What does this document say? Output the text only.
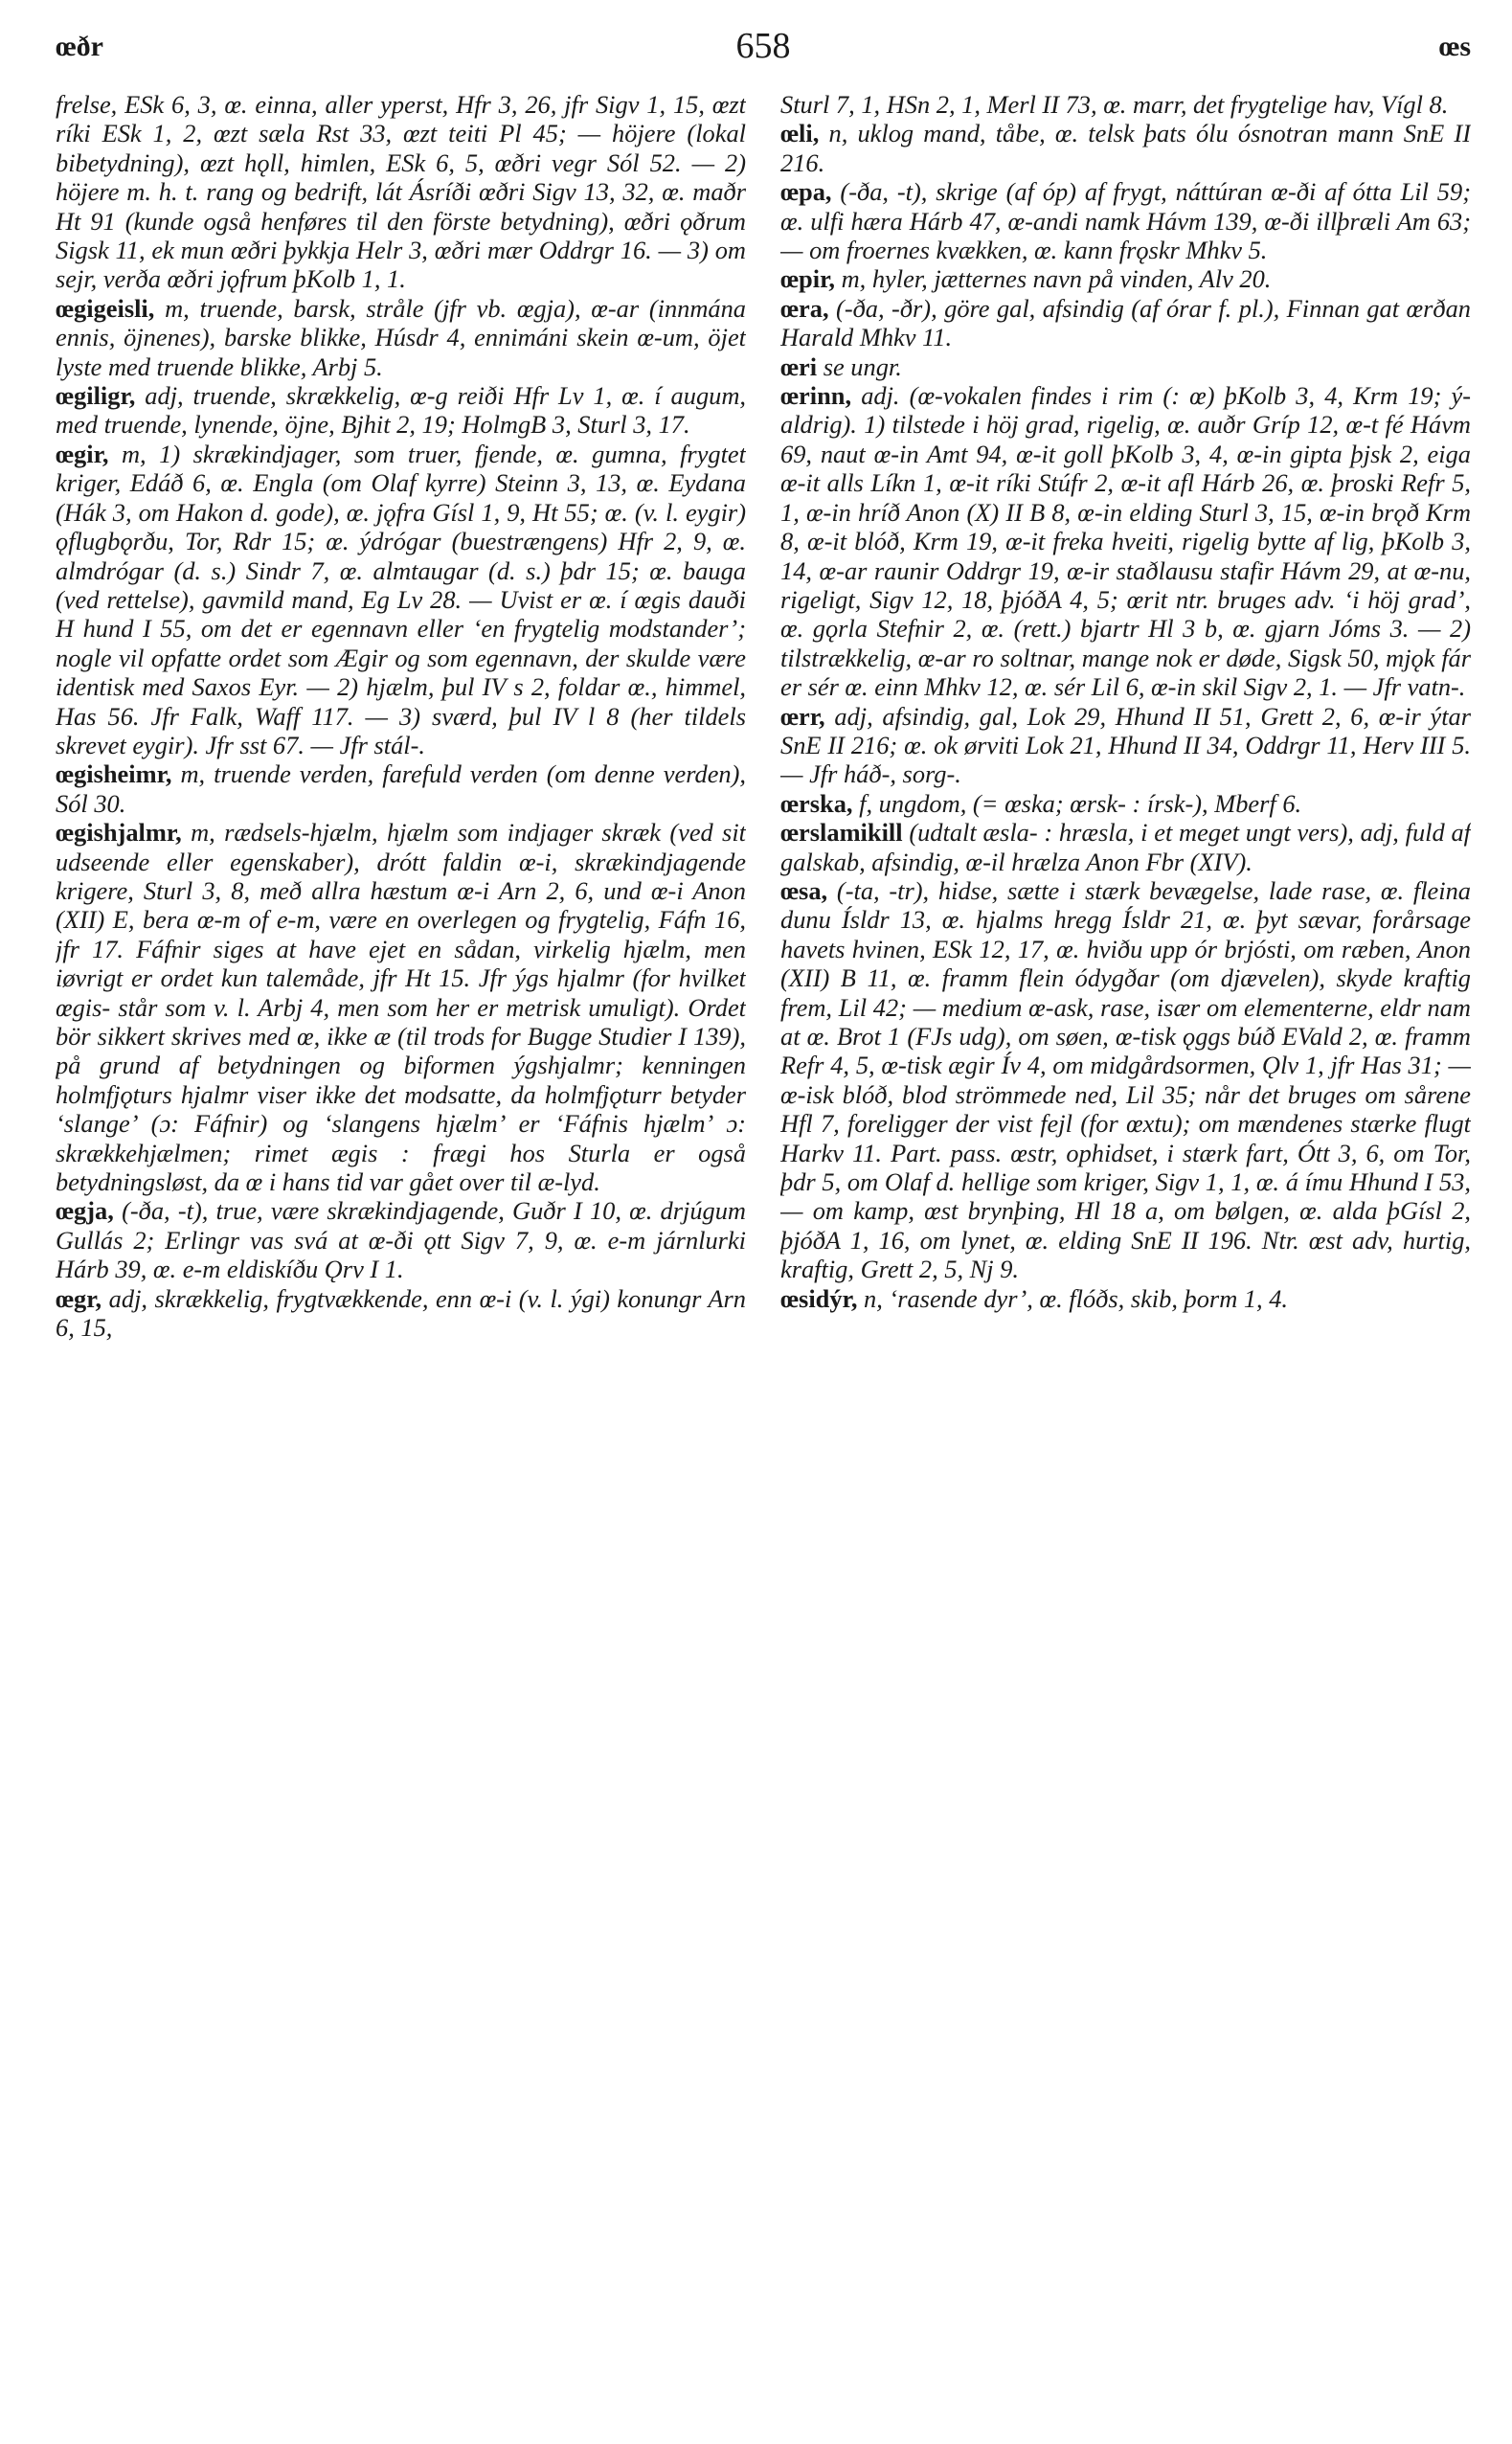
œðr	658	œs

frelse, ESk 6, 3, œ. einna, aller yperst, Hfr 3, 26, jfr Sigv 1, 15, œzt ríki ESk 1, 2, œzt sæla Rst 33, œzt teiti Pl 45; — höjere (lokal bibetydning), œzt hǫll, himlen, ESk 6, 5, œðri vegr Sól 52. — 2) höjere m. h. t. rang og bedrift, lát Ásríði œðri Sigv 13, 32, œ. maðr Ht 91 (kunde også henføres til den förste betydning), œðri ǫðrum Sigsk 11, ek mun œðri þykkja Helr 3, œðri mær Oddrgr 16. — 3) om sejr, verða œðri jǫfrum þKolb 1, 1.

œgigeisli, m, truende, barsk, stråle (jfr vb. œgja), œ-ar (innmána ennis, öjnenes), barske blikke, Húsdr 4, ennimáni skein œ-um, öjet lyste med truende blikke, Arbj 5.

œgiligr, adj, truende, skrækkelig, œ-g reiði Hfr Lv 1, œ. í augum, med truende, lynende, öjne, Bjhit 2, 19; HolmgB 3, Sturl 3, 17.

œgir, m, 1) skrækindjager, som truer, fjende, œ. gumna, frygtet kriger, Edáð 6, œ. Engla (om Olaf kyrre) Steinn 3, 13, œ. Eydana (Hák 3, om Hakon d. gode), œ. jǫfra Gísl 1, 9, Ht 55; œ. (v. l. eygir) ǫflugbǫrðu, Tor, Rdr 15; œ. ýdrógar (buestrængens) Hfr 2, 9, œ. almdrógar (d. s.) Sindr 7, œ. almtaugar (d. s.) þdr 15; œ. bauga (ved rettelse), gavmild mand, Eg Lv 28. — Uvist er œ. í œgis dauði H hund I 55, om det er egennavn eller ‘en frygtelig modstander’; nogle vil opfatte ordet som Ægir og som egennavn, der skulde være identisk med Saxos Eyr. — 2) hjælm, þul IV s 2, foldar œ., himmel, Has 56. Jfr Falk, Waff 117. — 3) sværd, þul IV l 8 (her tildels skrevet eygir). Jfr sst 67. — Jfr stál-.

œgisheimr, m, truende verden, farefuld verden (om denne verden), Sól 30.

œgishjalmr, m, rædsels-hjælm, hjælm som indjager skræk (ved sit udseende eller egenskaber), drótt faldin œ-i, skrækindjagende krigere, Sturl 3, 8, með allra hæstum œ-i Arn 2, 6, und œ-i Anon (XII) E, bera œ-m of e-m, være en overlegen og frygtelig, Fáfn 16, jfr 17. Fáfnir siges at have ejet en sådan, virkelig hjælm, men iøvrigt er ordet kun talemåde, jfr Ht 15. Jfr ýgs hjalmr (for hvilket œgis- står som v. l. Arbj 4, men som her er metrisk umuligt). Ordet bör sikkert skrives med œ, ikke æ (til trods for Bugge Studier I 139), på grund af betydningen og biformen ýgshjalmr; kenningen holmfjǫturs hjalmr viser ikke det modsatte, da holmfjǫturr betyder ‘slange’ (ɔ: Fáfnir) og ‘slangens hjælm’ er ‘Fáfnis hjælm’ ɔ: skrækkehjælmen; rimet ægis : frægi hos Sturla er også betydningsløst, da œ i hans tid var gået over til æ-lyd.

œgja, (-ða, -t), true, være skrækindjagende, Guðr I 10, œ. drjúgum Gullás 2; Erlingr vas svá at œ-ði ǫtt Sigv 7, 9, œ. e-m járnlurki Hárb 39, œ. e-m eldiskíðu Ǫrv I 1.

œgr, adj, skrækkelig, frygtvækkende, enn œ-i (v. l. ýgi) konungr Arn 6, 15,

Sturl 7, 1, HSn 2, 1, Merl II 73, œ. marr, det frygtelige hav, Vígl 8.

œli, n, uklog mand, tåbe, œ. telsk þats ólu ósnotran mann SnE II 216.

œpa, (-ða, -t), skrige (af óp) af frygt, náttúran œ-ði af ótta Lil 59; œ. ulfi hæra Hárb 47, œ-andi namk Hávm 139, œ-ði illþræli Am 63; — om froernes kvækken, œ. kann frǫskr Mhkv 5.

œpir, m, hyler, jætternes navn på vinden, Alv 20.

œra, (-ða, -ðr), göre gal, afsindig (af órar f. pl.), Finnan gat œrðan Harald Mhkv 11.

œri se ungr.

œrinn, adj. (œ-vokalen findes i rim (: œ) þKolb 3, 4, Krm 19; ý- aldrig). 1) tilstede i höj grad, rigelig, œ. auðr Gríp 12, œ-t fé Hávm 69, naut œ-in Amt 94, œ-it goll þKolb 3, 4, œ-in gipta þjsk 2, eiga œ-it alls Líkn 1, œ-it ríki Stúfr 2, œ-it afl Hárb 26, œ. þroski Refr 5, 1, œ-in hríð Anon (X) II B 8, œ-in elding Sturl 3, 15, œ-in brǫð Krm 8, œ-it blóð, Krm 19, œ-it freka hveiti, rigelig bytte af lig, þKolb 3, 14, œ-ar raunir Oddrgr 19, œ-ir staðlausu stafir Hávm 29, at œ-nu, rigeligt, Sigv 12, 18, þjóðA 4, 5; œrit ntr. bruges adv. ‘i höj grad’, œ. gǫrla Stefnir 2, œ. (rett.) bjartr Hl 3 b, œ. gjarn Jóms 3. — 2) tilstrækkelig, œ-ar ro soltnar, mange nok er døde, Sigsk 50, mjǫk fár er sér œ. einn Mhkv 12, œ. sér Lil 6, œ-in skil Sigv 2, 1. — Jfr vatn-.

œrr, adj, afsindig, gal, Lok 29, Hhund II 51, Grett 2, 6, œ-ir ýtar SnE II 216; œ. ok ørviti Lok 21, Hhund II 34, Oddrgr 11, Herv III 5. — Jfr háð-, sorg-.

œrska, f, ungdom, (= œska; œrsk- : írsk-), Mberf 6.

œrslamikill (udtalt æsla- : hræsla, i et meget ungt vers), adj, fuld af galskab, afsindig, œ-il hrælza Anon Fbr (XIV).

œsa, (-ta, -tr), hidse, sætte i stærk bevægelse, lade rase, œ. fleina dunu Ísldr 13, œ. hjalms hregg Ísldr 21, œ. þyt sævar, forårsage havets hvinen, ESk 12, 17, œ. hviðu upp ór brjósti, om ræben, Anon (XII) B 11, œ. framm flein ódygðar (om djævelen), skyde kraftig frem, Lil 42; — medium œ-ask, rase, især om elementerne, eldr nam at œ. Brot 1 (FJs udg), om søen, œ-tisk ǫggs búð EVald 2, œ. framm Refr 4, 5, œ-tisk ægir Ív 4, om midgårdsormen, Ǫlv 1, jfr Has 31; — œ-isk blóð, blod strömmede ned, Lil 35; når det bruges om sårene Hfl 7, foreligger der vist fejl (for œxtu); om mændenes stærke flugt Harkv 11. Part. pass. œstr, ophidset, i stærk fart, Ótt 3, 6, om Tor, þdr 5, om Olaf d. hellige som kriger, Sigv 1, 1, œ. á ímu Hhund I 53, — om kamp, œst brynþing, Hl 18 a, om bølgen, œ. alda þGísl 2, þjóðA 1, 16, om lynet, œ. elding SnE II 196. Ntr. œst adv, hurtig, kraftig, Grett 2, 5, Nj 9.

œsidýr, n, ‘rasende dyr’, œ. flóðs, skib, þorm 1, 4.
